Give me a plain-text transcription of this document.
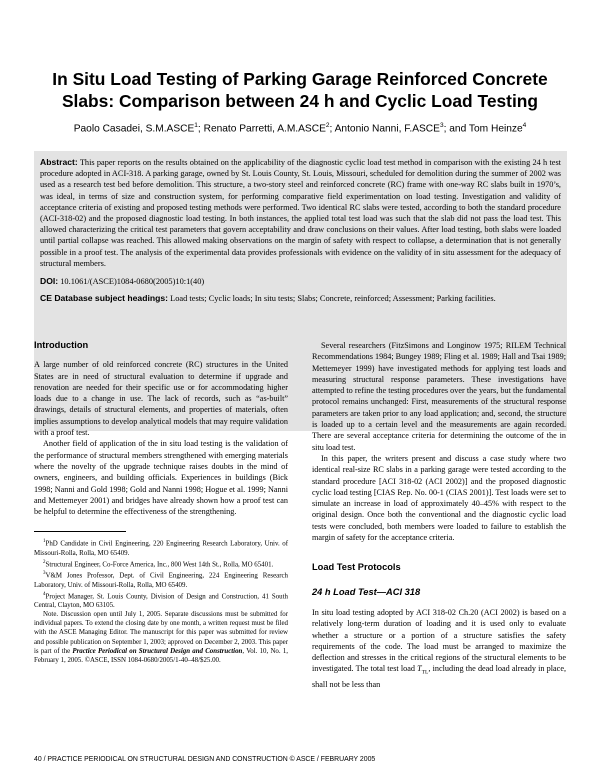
In Situ Load Testing of Parking Garage Reinforced Concrete
Slabs: Comparison between 24 h and Cyclic Load Testing
Paolo Casadei, S.M.ASCE$^1$; Renato Parretti, A.M.ASCE$^2$; Antonio Nanni, F.ASCE$^3$; and Tom Heinze$^4$

Abstract: This paper reports on the results obtained on the applicability of the diagnostic cyclic load test method in comparison with the existing 24 h test procedure adopted in ACI-318. A parking garage, owned by St. Louis County, St. Louis, Missouri, scheduled for demolition during the summer of 2002 was used as a research test bed before demolition. This structure, a two-story steel and reinforced concrete (RC) frame with one-way RC slabs built in 1970’s, was ideal, in terms of size and construction system, for performing comparative field experimentation on load testing. Investigation and validity of acceptance criteria of existing and proposed testing methods were performed. Two identical RC slabs were tested, according to both the standard procedure (ACI-318-02) and the proposed diagnostic load testing. In both instances, the applied total test load was such that the slab did not pass the load test. This allowed characterizing the critical test parameters that govern acceptability and draw conclusions on their values. After load testing, both slabs were loaded until partial collapse was reached. This allowed making observations on the margin of safety with respect to collapse, a determination that is not generally possible in a proof test. The analysis of the experimental data provides professionals with evidence on the validity of in situ assessment for the adequacy of structural members.

DOI: 10.1061/(ASCE)1084-0680(2005)10:1(40)

CE Database subject headings: Load tests; Cyclic loads; In situ tests; Slabs; Concrete, reinforced; Assessment; Parking facilities.

Introduction

A large number of old reinforced concrete (RC) structures in the United States are in need of structural evaluation to determine if upgrade and renovation are needed for their specific use or for accommodating higher loads due to a change in use. The lack of records, such as “as-built” drawings, details of structural elements, and properties of materials, often implies assumptions to develop analytical models that may require validation with a proof test.

Another field of application of the in situ load testing is the validation of the performance of structural members strengthened with emerging materials where the novelty of the upgrade technique raises doubts in the mind of owners, engineers, and building officials. Experiences in buildings (Bick 1998; Nanni and Gold 1998; Gold and Nanni 1998; Hogue et al. 1999; Nanni and Mettemeyer 2001) and bridges have already shown how a proof test can be helpful to determine the effectiveness of the strengthening.

$^1$PhD Candidate in Civil Engineering, 220 Engineering Research Laboratory, Univ. of Missouri-Rolla, Rolla, MO 65409.

$^2$Structural Engineer, Co-Force America, Inc., 800 West 14th St., Rolla, MO 65401.

$^3$V&M Jones Professor, Dept. of Civil Engineering, 224 Engineering Research Laboratory, Univ. of Missouri-Rolla, Rolla, MO 65409.

$^4$Project Manager, St. Louis County, Division of Design and Construction, 41 South Central, Clayton, MO 63105.

Note. Discussion open until July 1, 2005. Separate discussions must be submitted for individual papers. To extend the closing date by one month, a written request must be filed with the ASCE Managing Editor. The manuscript for this paper was submitted for review and possible publication on September 1, 2003; approved on December 2, 2003. This paper is part of the Practice Periodical on Structural Design and Construction, Vol. 10, No. 1, February 1, 2005. ©ASCE, ISSN 1084-0680/2005/1-40–48/$25.00.

Several researchers (FitzSimons and Longinow 1975; RILEM Technical Recommendations 1984; Bungey 1989; Fling et al. 1989; Hall and Tsai 1989; Mettemeyer 1999) have investigated methods for applying test loads and measuring structural response parameters. These investigations have attempted to refine the testing procedures over the years, but the fundamental protocol remains unchanged: First, measurements of the structural response parameters are taken prior to any load application; and, second, the structure is loaded up to a certain level and the measurements are again recorded. There are several acceptance criteria for determining the outcome of the in situ load test.

In this paper, the writers present and discuss a case study where two identical real-size RC slabs in a parking garage were tested according to the standard procedure [ACI 318-02 (ACI 2002)] and the proposed diagnostic cyclic load testing [CIAS Rep. No. 00-1 (CIAS 2001)]. Test loads were set to simulate an increase in load of approximately 40–45% with respect to the original design. Once both the conventional and the diagnostic cyclic load tests were concluded, both members were loaded to failure to establish the margin of safety for the acceptance criteria.

Load Test Protocols
24 h Load Test—ACI 318

In situ load testing adopted by ACI 318-02 Ch.20 (ACI 2002) is based on a relatively long-term duration of loading and it is used only to evaluate whether a structure or a portion of a structure satisfies the safety requirements of the code. The load must be arranged to maximize the deflection and stresses in the critical regions of the structural elements to be investigated. The total test load $T_{TL}$, including the dead load already in place, shall not be less than

40 / PRACTICE PERIODICAL ON STRUCTURAL DESIGN AND CONSTRUCTION © ASCE / FEBRUARY 2005
